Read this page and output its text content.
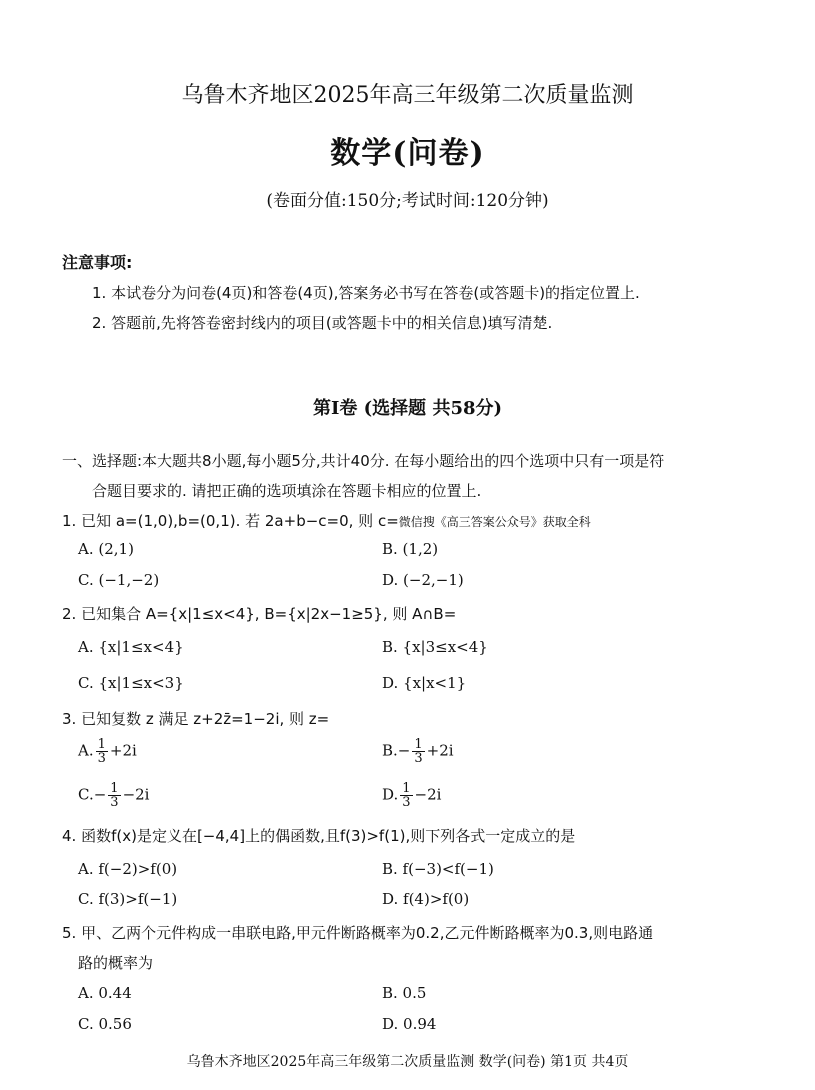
乌鲁木齐地区2025年高三年级第二次质量监测
数学(问卷)
(卷面分值:150分;考试时间:120分钟)
注意事项:
1. 本试卷分为问卷(4页)和答卷(4页),答案务必书写在答卷(或答题卡)的指定位置上.
2. 答题前,先将答卷密封线内的项目(或答题卡中的相关信息)填写清楚.
第Ⅰ卷 (选择题 共58分)
一、选择题:本大题共8小题,每小题5分,共计40分. 在每小题给出的四个选项中只有一项是符
合题目要求的. 请把正确的选项填涂在答题卡相应的位置上.
1. 已知 a=(1,0),b=(0,1). 若 2a+b−c=0, 则 c=微信搜《高三答案公众号》获取全科
A. (2,1)	B. (1,2)
C. (−1,−2)	D. (−2,−1)
2. 已知集合 A={x|1≤x<4}, B={x|2x−1≥5}, 则 A∩B=
A. {x|1≤x<4}	B. {x|3≤x<4}
C. {x|1≤x<3}	D. {x|x<1}
3. 已知复数 z 满足 z+2z̄=1−2i, 则 z=
A. $\frac{1}{3} +2i$	$B.- \frac{1}{3} +2i$
$C.- \frac{1}{3} -2i$	D. $\frac{1}{3} -2i$
4. 函数f(x)是定义在[−4,4]上的偶函数,且f(3)>f(1),则下列各式一定成立的是
A. f(−2)>f(0)	B. f(−3)<f(−1)
C. f(3)>f(−1)	D. f(4)>f(0)
5. 甲、乙两个元件构成一串联电路,甲元件断路概率为0.2,乙元件断路概率为0.3,则电路通
路的概率为
A. 0.44	B. 0.5
C. 0.56	D. 0.94
乌鲁木齐地区2025年高三年级第二次质量监测 数学(问卷) 第1页 共4页
